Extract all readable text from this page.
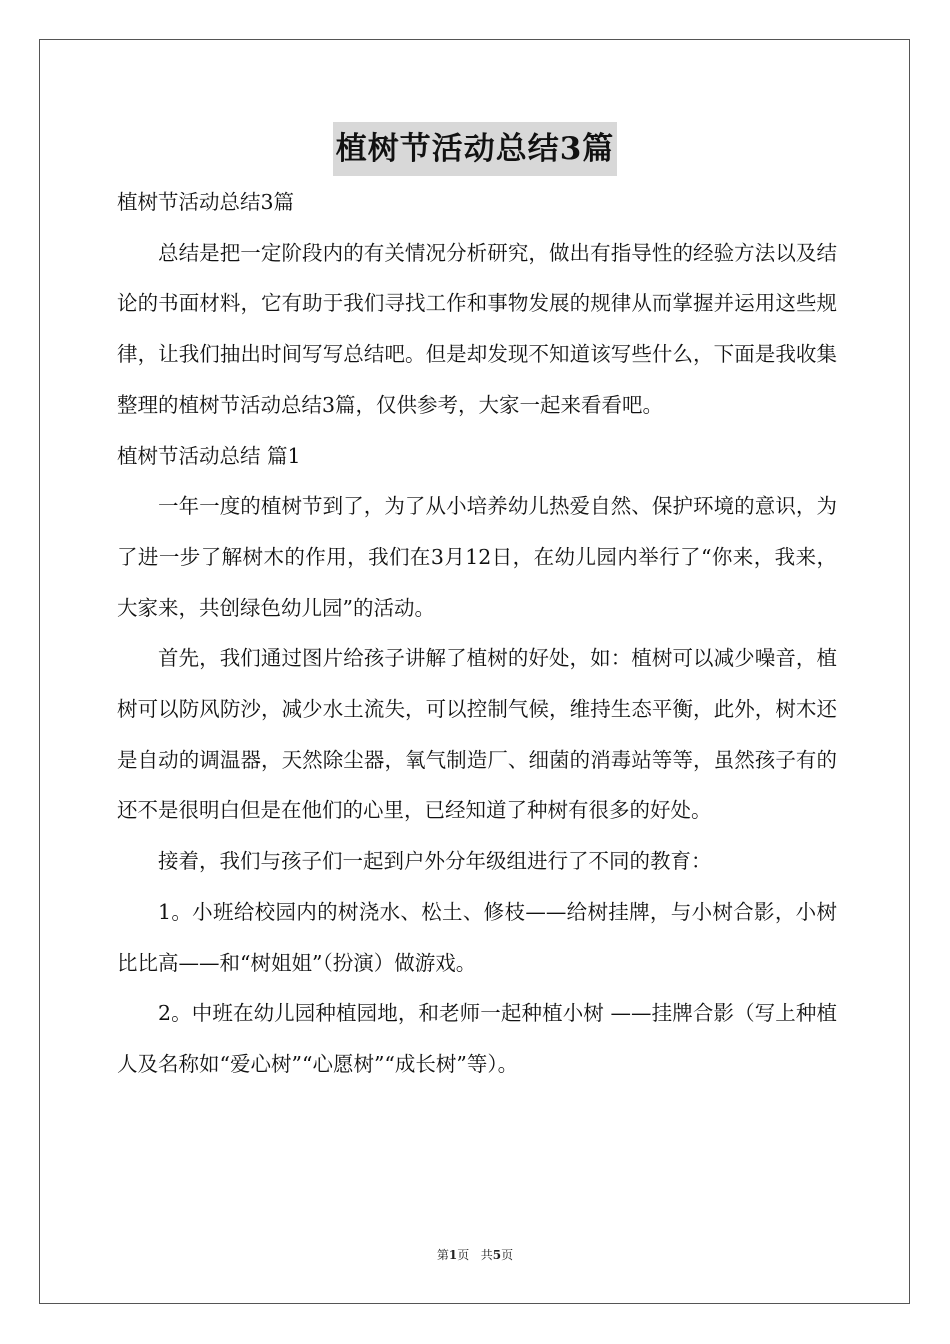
植树节活动总结3篇

植树节活动总结3篇

总结是把一定阶段内的有关情况分析研究，做出有指导性的经验方法以及结论的书面材料，它有助于我们寻找工作和事物发展的规律从而掌握并运用这些规律，让我们抽出时间写写总结吧。但是却发现不知道该写些什么，下面是我收集整理的植树节活动总结3篇，仅供参考，大家一起来看看吧。

植树节活动总结 篇1

一年一度的植树节到了，为了从小培养幼儿热爱自然、保护环境的意识，为了进一步了解树木的作用，我们在3月12日，在幼儿园内举行了“你来，我来，大家来，共创绿色幼儿园”的活动。

首先，我们通过图片给孩子讲解了植树的好处，如：植树可以减少噪音，植树可以防风防沙，减少水土流失，可以控制气候，维持生态平衡，此外，树木还是自动的调温器，天然除尘器，氧气制造厂、细菌的消毒站等等，虽然孩子有的还不是很明白但是在他们的心里，已经知道了种树有很多的好处。

接着，我们与孩子们一起到户外分年级组进行了不同的教育：

1。小班给校园内的树浇水、松土、修枝——给树挂牌，与小树合影，小树比比高——和“树姐姐”（扮演）做游戏。

2。中班在幼儿园种植园地，和老师一起种植小树 ——挂牌合影（写上种植人及名称如“爱心树”“心愿树”“成长树”等）。

第1页 共5页
